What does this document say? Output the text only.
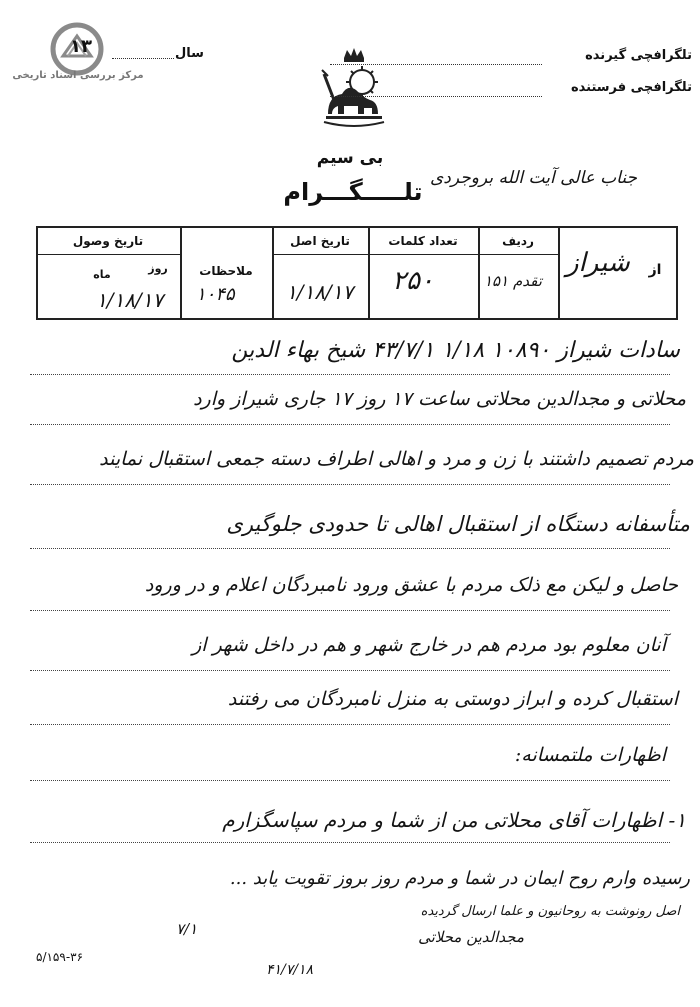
مرکز بررسی اسناد تاریخی
سال
۱۳	تلگرافچی گیرنده
تلگرافچی فرستنده
بی سیم
تلـــــگـــرام جناب عالی آیت الله بروجردی
از
شیراز
ردیف
تقدم ۱۵۱
تعداد کلمات
۲۵۰
تاریخ اصل
۱/۱۸/۱۷
ملاحظات
۱۰۴۵
تاریخ وصول
روز
ماه
۱/۱۸/۱۷
سادات شیراز ۱۰۸۹۰ ۱/۱۸ ۴۳/۷/۱ شیخ بهاء الدین
محلاتی و مجدالدین محلاتی ساعت ۱۷ روز ۱۷ جاری شیراز وارد
مردم تصمیم داشتند با زن و مرد و اهالی اطراف دسته جمعی استقبال نمایند
متأسفانه دستگاه از استقبال اهالی تا حدودی جلوگیری
حاصل و لیکن مع ذلک مردم با عشق ورود نامبردگان اعلام و در ورود
آنان معلوم بود مردم هم در خارج شهر و هم در داخل شهر از
استقبال کرده و ابراز دوستی به منزل نامبردگان می رفتند
اظهارات ملتمسانه:
۱- اظهارات آقای محلاتی من از شما و مردم سپاسگزارم
رسیده وارم روح ایمان در شما و مردم روز بروز تقویت یابد ...
اصل رونوشت به روحانیون و علما ارسال گردیده
مجدالدین محلاتی
۷/۱
۴۱/۷/۱۸
۵/۱۵۹-۳۶
